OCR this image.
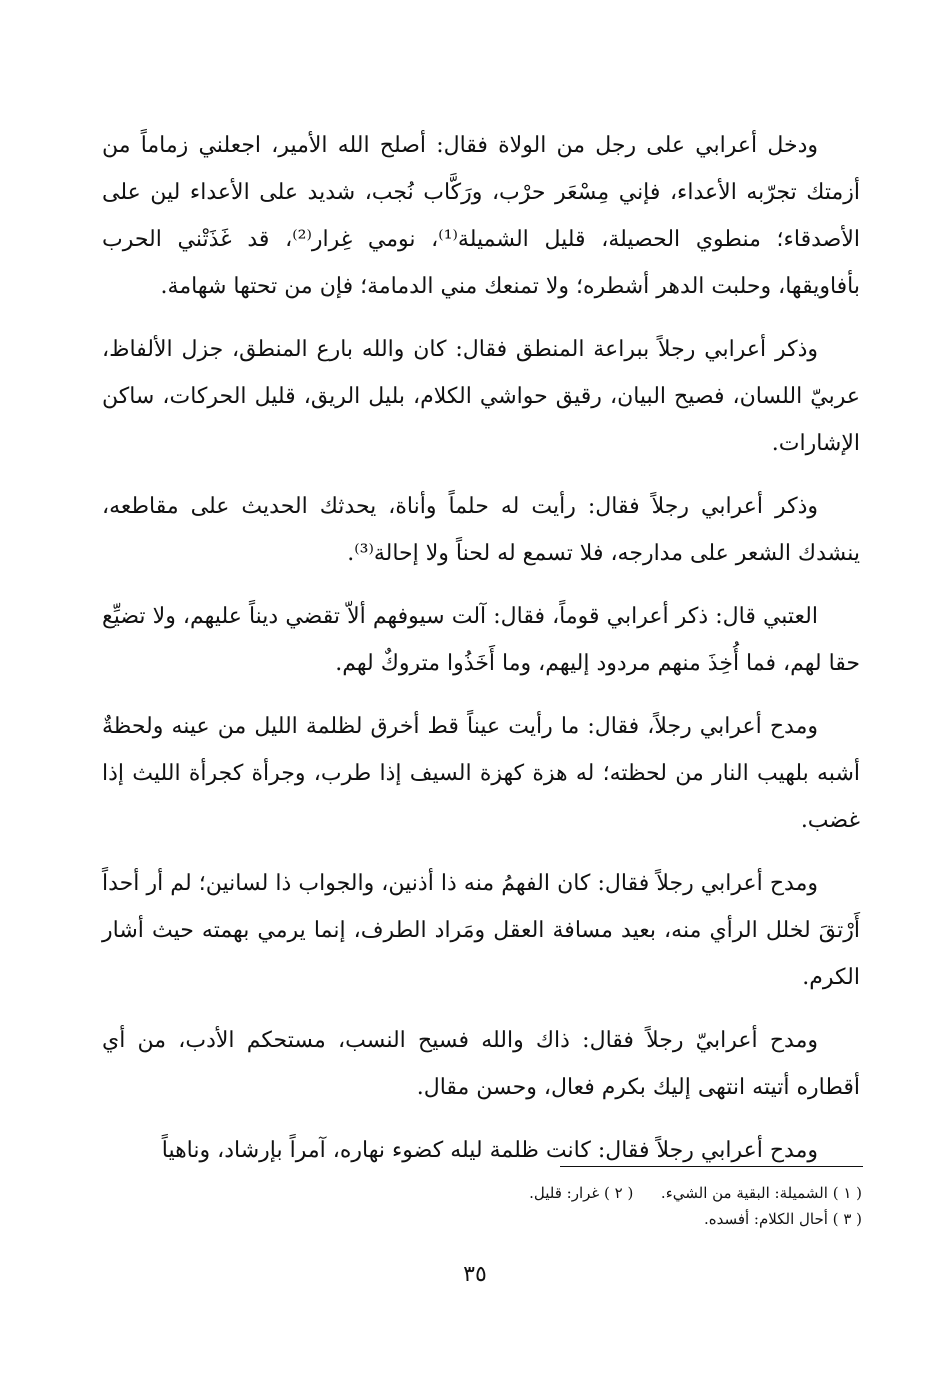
ودخل أعرابي على رجل من الولاة فقال: أصلح الله الأمير، اجعلني زماماً من أزمتك تجرّبه الأعداء، فإني مِسْعَر حرْب، ورَكَّاب نُجب، شديد على الأعداء لين على الأصدقاء؛ منطوي الحصيلة، قليل الشميلة⁽¹⁾، نومي غِرار⁽²⁾، قد غَذَتْني الحرب بأفاويقها، وحلبت الدهر أشطره؛ ولا تمنعك مني الدمامة؛ فإن من تحتها شهامة.

وذكر أعرابي رجلاً ببراعة المنطق فقال: كان والله بارع المنطق، جزل الألفاظ، عربيّ اللسان، فصيح البيان، رقيق حواشي الكلام، بليل الريق، قليل الحركات، ساكن الإشارات.

وذكر أعرابي رجلاً فقال: رأيت له حلماً وأناة، يحدثك الحديث على مقاطعه، ينشدك الشعر على مدارجه، فلا تسمع له لحناً ولا إحالة⁽³⁾.

العتبي قال: ذكر أعرابي قوماً، فقال: آلت سيوفهم ألاّ تقضي ديناً عليهم، ولا تضيِّع حقا لهم، فما أُخِذَ منهم مردود إليهم، وما أَخَذُوا متروكٌ لهم.

ومدح أعرابي رجلاً، فقال: ما رأيت عيناً قط أخرق لظلمة الليل من عينه ولحظةٌ أشبه بلهيب النار من لحظته؛ له هزة كهزة السيف إذا طرب، وجرأة كجرأة الليث إذا غضب.

ومدح أعرابي رجلاً فقال: كان الفهمُ منه ذا أذنين، والجواب ذا لسانين؛ لم أر أحداً أَرْتقَ لخلل الرأي منه، بعيد مسافة العقل ومَراد الطرف، إنما يرمي بهمته حيث أشار الكرم.

ومدح أعرابيّ رجلاً فقال: ذاك والله فسيح النسب، مستحكم الأدب، من أي أقطاره أتيته انتهى إليك بكرم فعال، وحسن مقال.

ومدح أعرابي رجلاً فقال: كانت ظلمة ليله كضوء نهاره، آمراً بإرشاد، وناهياً

( ١ ) الشميلة: البقية من الشيء.  ( ٢ ) غرار: قليل.
( ٣ ) أحال الكلام: أفسده.
٣٥
